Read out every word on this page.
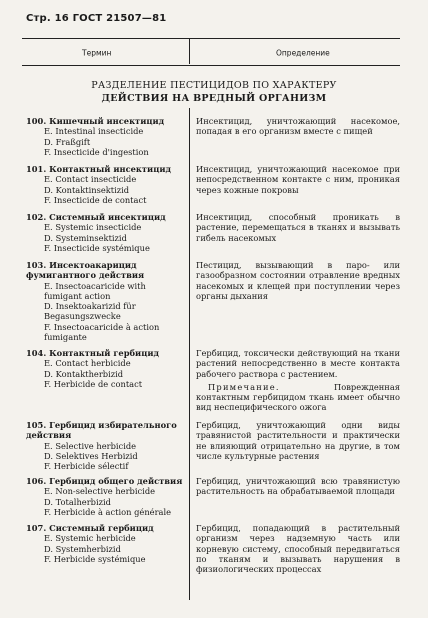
Стр. 16 ГОСТ 21507—81
Термин	Определение
РАЗДЕЛЕНИЕ ПЕСТИЦИДОВ ПО ХАРАКТЕРУ
ДЕЙСТВИЯ НА ВРЕДНЫЙ ОРГАНИЗМ
100. Кишечный инсектицид
E. Intestinal insecticide
D. Fraßgift
F. Insecticide d'ingestion

Инсектицид, уничтожающий насекомое, попадая в его организм вместе с пищей

101. Контактный инсектицид
E. Contact insecticide
D. Kontaktinsektizid
F. Insecticide de contact

Инсектицид, уничтожающий насекомое при непосредственном контакте с ним, проникая через кожные покровы

102. Системный инсектицид
E. Systemic insecticide
D. Systeminsektizid
F. Insecticide systémique

Инсектицид, способный проникать в растение, перемещаться в тканях и вызывать гибель насекомых

103. Инсектоакарицид фумигантного действия
E. Insectoacaricide with fumigant action
D. Insektoakarizid für Begasungszwecke
F. Insectoacaricide à action fumigante

Пестицид, вызывающий в паро- или газообразном состоянии отравление вредных насекомых и клещей при поступлении через органы дыхания

104. Контактный гербицид
E. Contact herbicide
D. Kontaktherbizid
F. Herbicide de contact

Гербицид, токсически действующий на ткани растений непосредственно в месте контакта рабочего раствора с растением.

Примечание.	Поврежденная контактным гербицидом ткань имеет обычно вид неспецифического ожога

105. Гербицид избирательного действия
E. Selective herbicide
D. Selektives Herbizid
F. Herbicide sélectif

Гербицид, уничтожающий одни виды травянистой растительности и практически не влияющий отрицательно на другие, в том числе культурные растения

106. Гербицид общего действия
E. Non-selective herbicide
D. Totalherbizid
F. Herbicide à action générale

Гербицид, уничтожающий всю травянистую растительность на обрабатываемой площади

107. Системный гербицид
E. Systemic herbicide
D. Systemherbizid
F. Herbicide systémique

Гербицид, попадающий в растительный организм через надземную часть или корневую систему, способный передвигаться по тканям и вызывать нарушения в физиологических процессах
